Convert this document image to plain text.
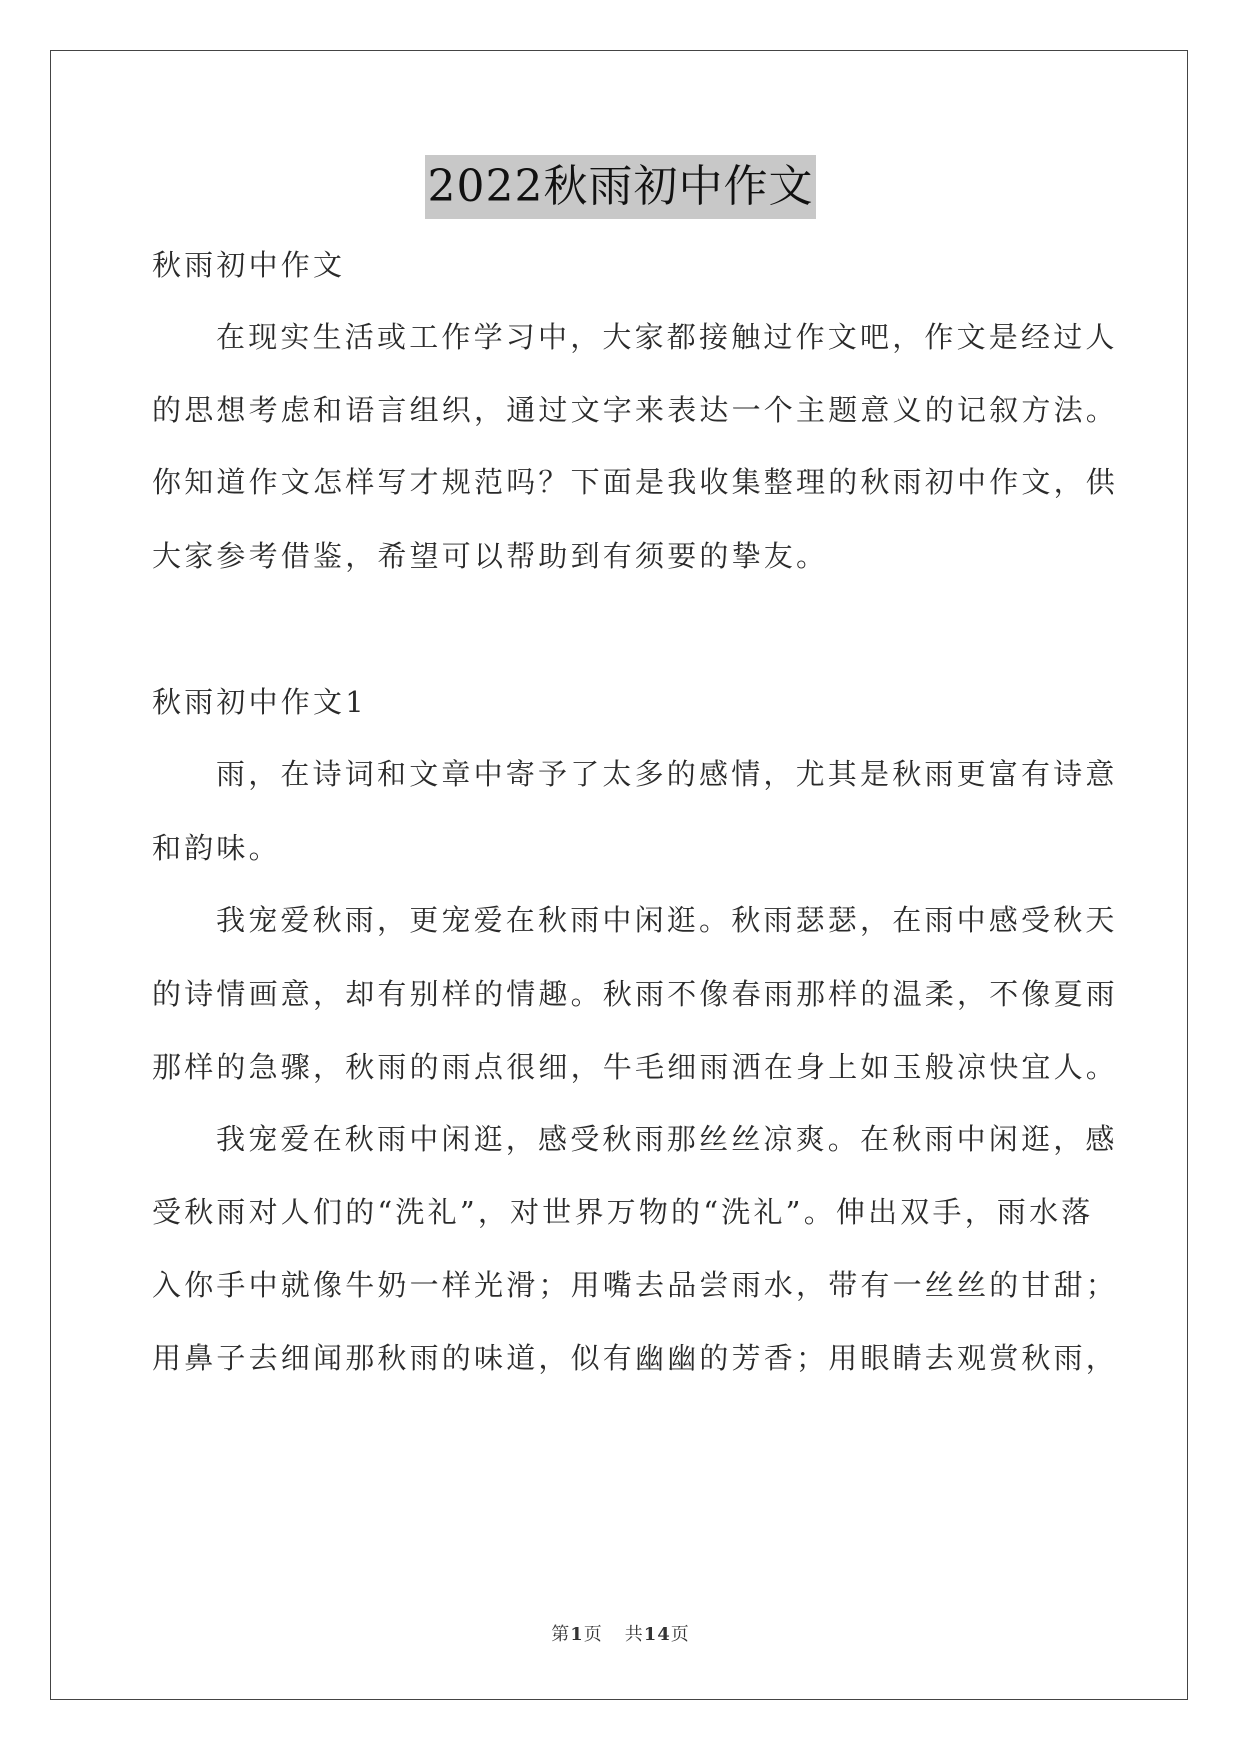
2022秋雨初中作文
秋雨初中作文
在现实生活或工作学习中，大家都接触过作文吧，作文是经过人
的思想考虑和语言组织，通过文字来表达一个主题意义的记叙方法。
你知道作文怎样写才规范吗？下面是我收集整理的秋雨初中作文，供
大家参考借鉴，希望可以帮助到有须要的挚友。
秋雨初中作文1
雨，在诗词和文章中寄予了太多的感情，尤其是秋雨更富有诗意
和韵味。
我宠爱秋雨，更宠爱在秋雨中闲逛。秋雨瑟瑟，在雨中感受秋天
的诗情画意，却有别样的情趣。秋雨不像春雨那样的温柔，不像夏雨
那样的急骤，秋雨的雨点很细，牛毛细雨洒在身上如玉般凉快宜人。
我宠爱在秋雨中闲逛，感受秋雨那丝丝凉爽。在秋雨中闲逛，感
受秋雨对人们的“洗礼”，对世界万物的“洗礼”。伸出双手，雨水落
入你手中就像牛奶一样光滑；用嘴去品尝雨水，带有一丝丝的甘甜；
用鼻子去细闻那秋雨的味道，似有幽幽的芳香；用眼睛去观赏秋雨，
第1页 共14页
